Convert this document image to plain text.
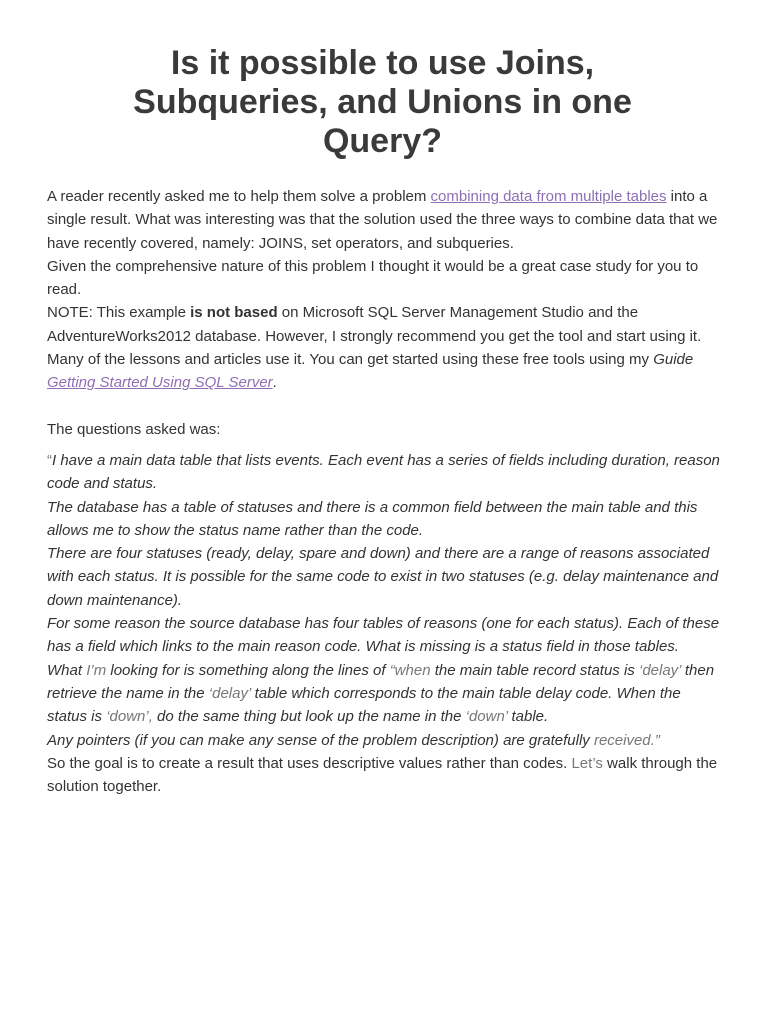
Is it possible to use Joins, Subqueries, and Unions in one Query?

A reader recently asked me to help them solve a problem combining data from multiple tables into a single result. What was interesting was that the solution used the three ways to combine data that we have recently covered, namely: JOINS, set operators, and subqueries.

Given the comprehensive nature of this problem I thought it would be a great case study for you to read.

NOTE: This example is not based on Microsoft SQL Server Management Studio and the AdventureWorks2012 database. However, I strongly recommend you get the tool and start using it. Many of the lessons and articles use it. You can get started using these free tools using my Guide Getting Started Using SQL Server.

The questions asked was:

“I have a main data table that lists events. Each event has a series of fields including duration, reason code and status.

The database has a table of statuses and there is a common field between the main table and this allows me to show the status name rather than the code.

There are four statuses (ready, delay, spare and down) and there are a range of reasons associated with each status. It is possible for the same code to exist in two statuses (e.g. delay maintenance and down maintenance).

For some reason the source database has four tables of reasons (one for each status). Each of these has a field which links to the main reason code. What is missing is a status field in those tables.

What I’m looking for is something along the lines of “when the main table record status is ‘delay’ then retrieve the name in the ‘delay’ table which corresponds to the main table delay code. When the status is ‘down’, do the same thing but look up the name in the ‘down’ table.

Any pointers (if you can make any sense of the problem description) are gratefully received.”

So the goal is to create a result that uses descriptive values rather than codes. Let’s walk through the solution together.
